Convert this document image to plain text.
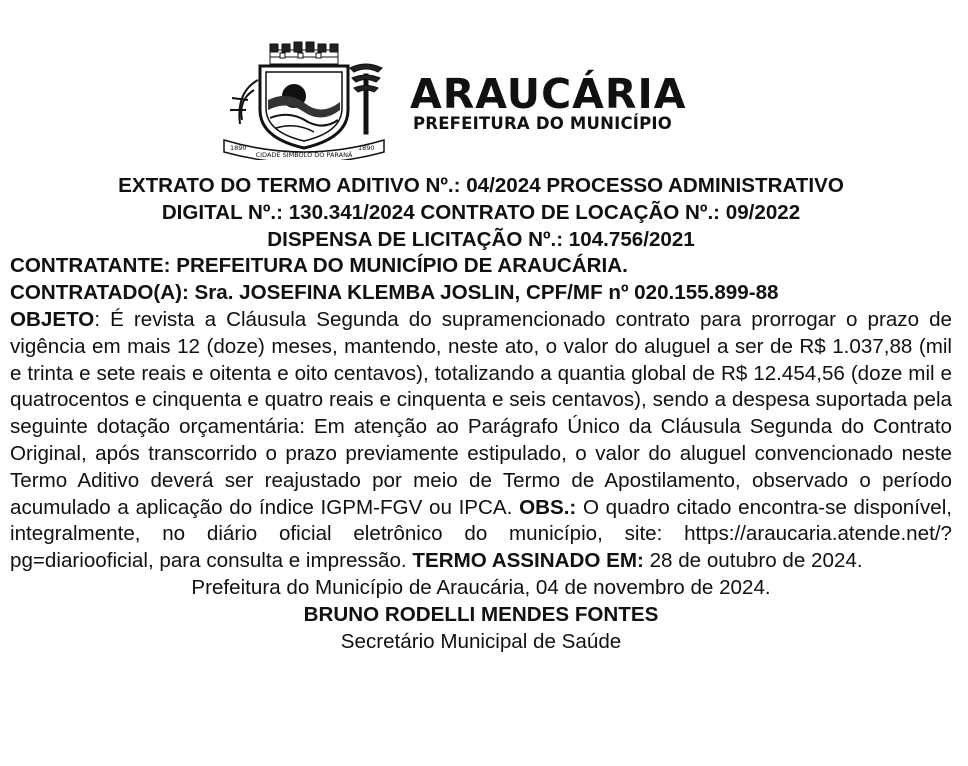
1890
CIDADE SÍMBOLO DO PARANÁ
1890

ARAUCÁRIA

PREFEITURA DO MUNICÍPIO

EXTRATO DO TERMO ADITIVO Nº.: 04/2024 PROCESSO ADMINISTRATIVO

DIGITAL Nº.: 130.341/2024 CONTRATO DE LOCAÇÃO Nº.: 09/2022

DISPENSA DE LICITAÇÃO Nº.: 104.756/2021

CONTRATANTE: PREFEITURA DO MUNICÍPIO DE ARAUCÁRIA.

CONTRATADO(A): Sra. JOSEFINA KLEMBA JOSLIN, CPF/MF nº 020.155.899-88

OBJETO: É revista a Cláusula Segunda do supramencionado contrato para prorrogar o prazo de vigência em mais 12 (doze) meses, mantendo, neste ato, o valor do aluguel a ser de R$ 1.037,88 (mil e trinta e sete reais e oitenta e oito centavos), totalizando a quantia global de R$ 12.454,56 (doze mil e quatrocentos e cinquenta e quatro reais e cinquenta e seis centavos), sendo a despesa suportada pela seguinte dotação orçamentária: Em atenção ao Parágrafo Único da Cláusula Segunda do Contrato Original, após transcorrido o prazo previamente estipulado, o valor do aluguel convencionado neste Termo Aditivo deverá ser reajustado por meio de Termo de Apostilamento, observado o período acumulado a aplicação do índice IGPM-FGV ou IPCA. OBS.: O quadro citado encontra-se disponível, integralmente, no diário oficial eletrônico do município, site: https://araucaria.atende.net/?pg=diariooficial, para consulta e impressão. TERMO ASSINADO EM: 28 de outubro de 2024.

Prefeitura do Município de Araucária, 04 de novembro de 2024.

BRUNO RODELLI MENDES FONTES

Secretário Municipal de Saúde
